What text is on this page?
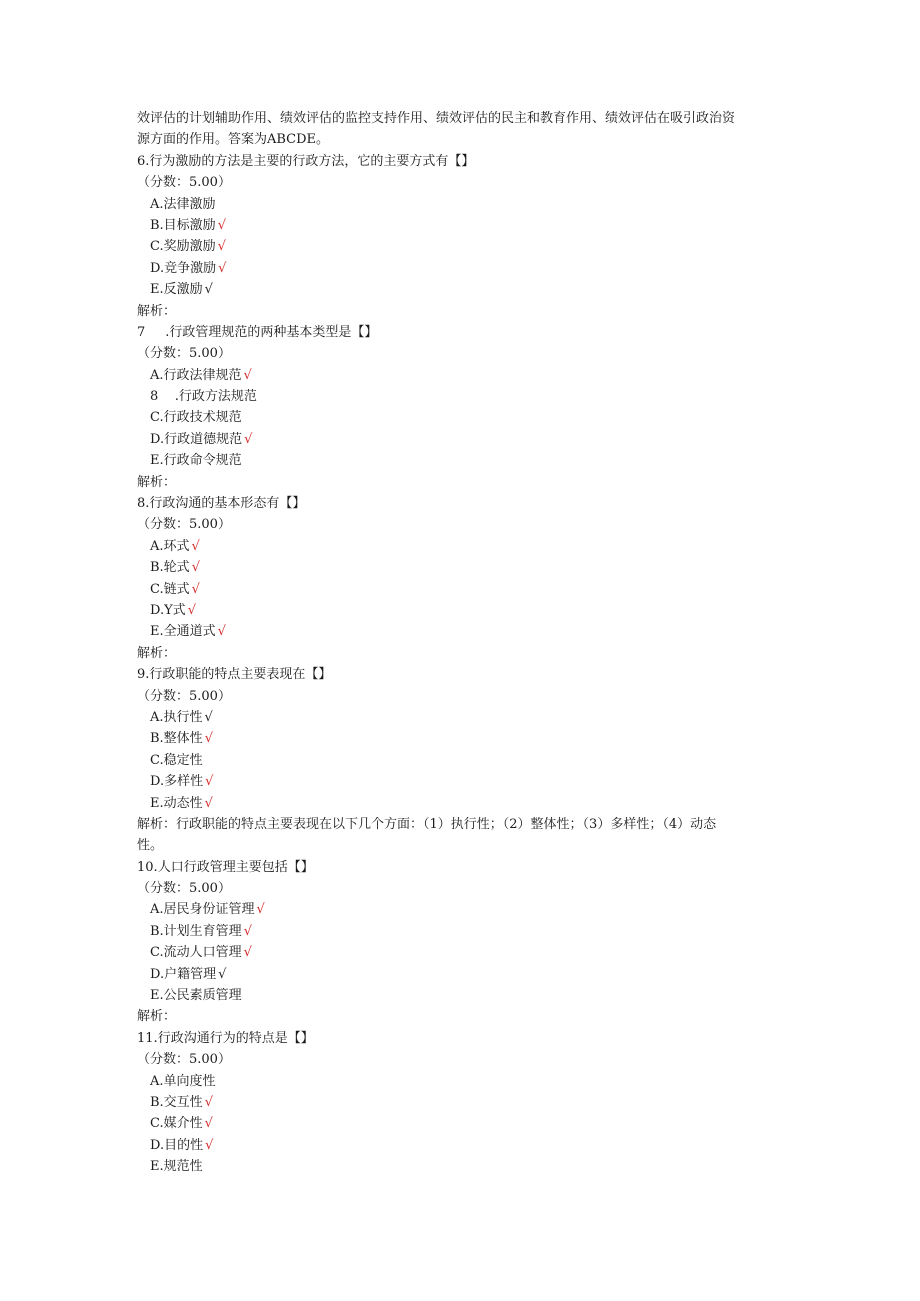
效评估的计划辅助作用、绩效评估的监控支持作用、绩效评估的民主和教育作用、绩效评估在吸引政治资
源方面的作用。答案为ABCDE。
6.行为激励的方法是主要的行政方法，它的主要方式有【】
（分数：5.00）
A.法律激励
B.目标激励 √
C.奖励激励 √
D.竞争激励 √
E.反激励 √
解析：
7 .行政管理规范的两种基本类型是【】
（分数：5.00）
A.行政法律规范 √
8    .行政方法规范
C.行政技术规范
D.行政道德规范 √
E.行政命令规范
解析：
8.行政沟通的基本形态有【】
（分数：5.00）
A.环式 √
B.轮式 √
C.链式 √
D.Y式 √
E.全通道式 √
解析：
9.行政职能的特点主要表现在【】
（分数：5.00）
A.执行性 √
B.整体性 √
C.稳定性
D.多样性 √
E.动态性 √
解析：行政职能的特点主要表现在以下几个方面：（1）执行性；（2）整体性；（3）多样性；（4）动态
性。
10.人口行政管理主要包括【】
（分数：5.00）
A.居民身份证管理 √
B.计划生育管理 √
C.流动人口管理 √
D.户籍管理 √
E.公民素质管理
解析：
11.行政沟通行为的特点是【】
（分数：5.00）
A.单向度性
B.交互性 √
C.媒介性 √
D.目的性 √
E.规范性
